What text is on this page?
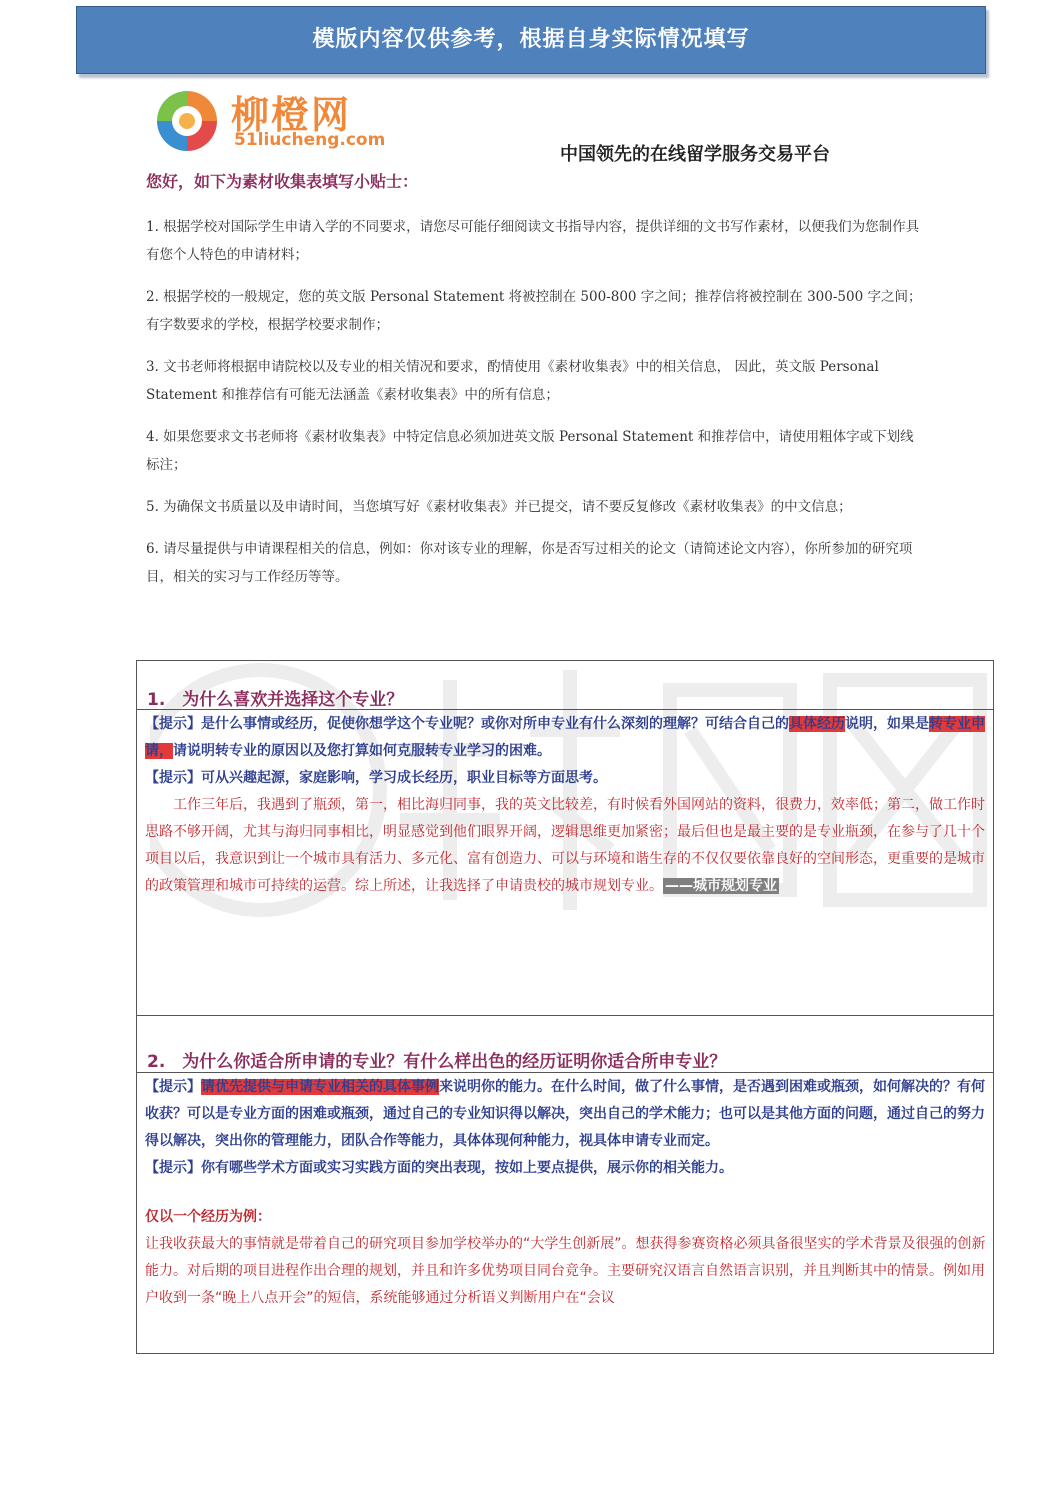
模版内容仅供参考，根据自身实际情况填写
柳橙网
51liucheng.com
中国领先的在线留学服务交易平台
您好，如下为素材收集表填写小贴士：

1. 根据学校对国际学生申请入学的不同要求，请您尽可能仔细阅读文书指导内容，提供详细的文书写作素材，以便我们为您制作具有您个人特色的申请材料；

2. 根据学校的一般规定，您的英文版 Personal Statement 将被控制在 500-800 字之间；推荐信将被控制在 300-500 字之间；有字数要求的学校，根据学校要求制作；

3. 文书老师将根据申请院校以及专业的相关情况和要求，酌情使用《素材收集表》中的相关信息， 因此，英文版 Personal Statement 和推荐信有可能无法涵盖《素材收集表》中的所有信息；

4. 如果您要求文书老师将《素材收集表》中特定信息必须加进英文版 Personal Statement 和推荐信中，请使用粗体字或下划线标注；

5. 为确保文书质量以及申请时间，当您填写好《素材收集表》并已提交，请不要反复修改《素材收集表》的中文信息；

6. 请尽量提供与申请课程相关的信息，例如：你对该专业的理解，你是否写过相关的论文（请简述论文内容），你所参加的研究项目，相关的实习与工作经历等等。

1.　为什么喜欢并选择这个专业？

【提示】是什么事情或经历，促使你想学这个专业呢？或你对所申专业有什么深刻的理解？可结合自己的具体经历说明，如果是转专业申请，请说明转专业的原因以及您打算如何克服转专业学习的困难。

【提示】可从兴趣起源，家庭影响，学习成长经历，职业目标等方面思考。

工作三年后，我遇到了瓶颈，第一，相比海归同事，我的英文比较差，有时候看外国网站的资料，很费力，效率低；第二，做工作时思路不够开阔，尤其与海归同事相比，明显感觉到他们眼界开阔，逻辑思维更加紧密；最后但也是最主要的是专业瓶颈，在参与了几十个项目以后，我意识到让一个城市具有活力、多元化、富有创造力、可以与环境和谐生存的不仅仅要依靠良好的空间形态，更重要的是城市的政策管理和城市可持续的运营。综上所述，让我选择了申请贵校的城市规划专业。 ——城市规划专业

2.　为什么你适合所申请的专业？有什么样出色的经历证明你适合所申专业？

【提示】请优先提供与申请专业相关的具体事例来说明你的能力。在什么时间，做了什么事情，是否遇到困难或瓶颈，如何解决的？有何收获？可以是专业方面的困难或瓶颈，通过自己的专业知识得以解决，突出自己的学术能力；也可以是其他方面的问题，通过自己的努力得以解决，突出你的管理能力，团队合作等能力，具体体现何种能力，视具体申请专业而定。

【提示】你有哪些学术方面或实习实践方面的突出表现，按如上要点提供，展示你的相关能力。

仅以一个经历为例：

让我收获最大的事情就是带着自己的研究项目参加学校举办的“大学生创新展”。想获得参赛资格必须具备很坚实的学术背景及很强的创新能力。对后期的项目进程作出合理的规划，并且和许多优势项目同台竞争。主要研究汉语言自然语言识别，并且判断其中的情景。例如用户收到一条“晚上八点开会”的短信，系统能够通过分析语义判断用户在“会议
